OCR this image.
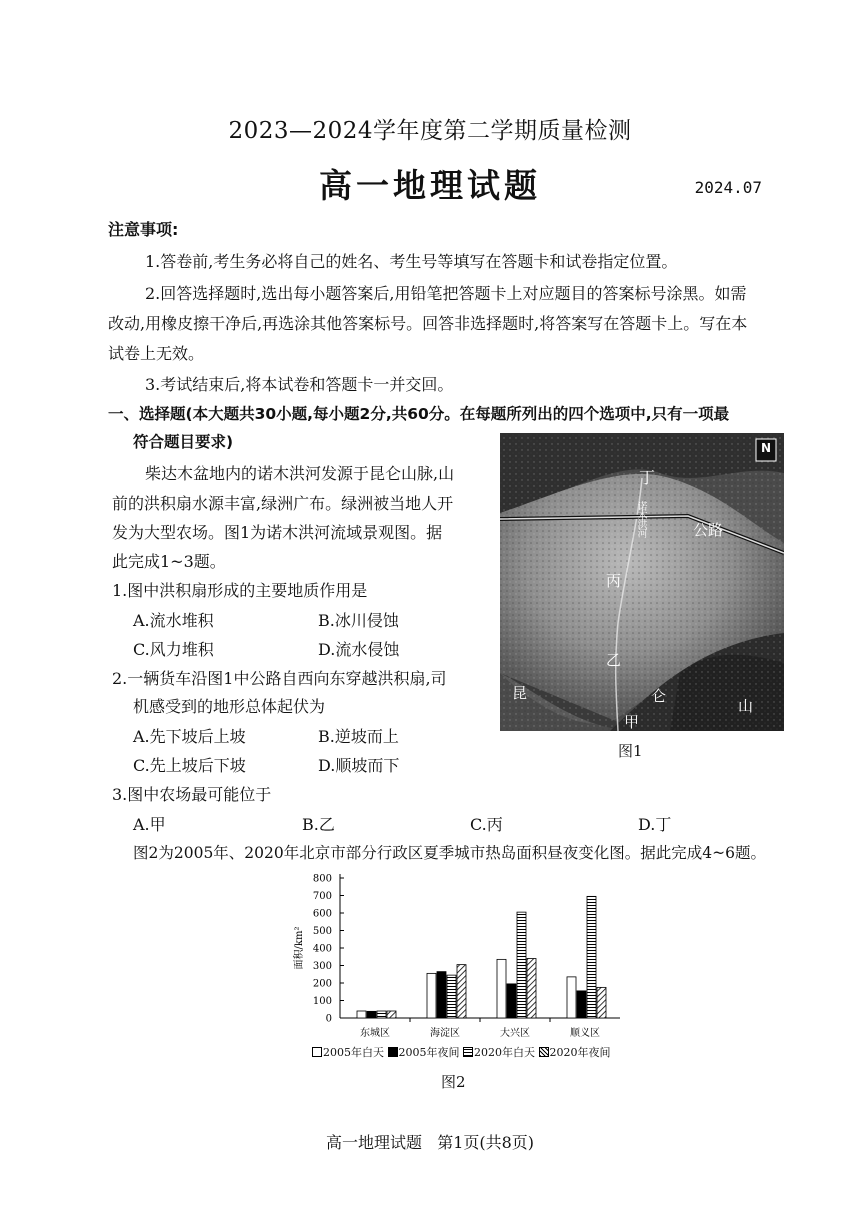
2023—2024学年度第二学期质量检测
高一地理试题	2024.07
注意事项:
1.答卷前,考生务必将自己的姓名、考生号等填写在答题卡和试卷指定位置。
2.回答选择题时,选出每小题答案后,用铅笔把答题卡上对应题目的答案标号涂黑。如需
改动,用橡皮擦干净后,再选涂其他答案标号。回答非选择题时,将答案写在答题卡上。写在本
试卷上无效。
3.考试结束后,将本试卷和答题卡一并交回。
一、选择题(本大题共30小题,每小题2分,共60分。在每题所列出的四个选项中,只有一项最
符合题目要求)
柴达木盆地内的诺木洪河发源于昆仑山脉,山
前的洪积扇水源丰富,绿洲广布。绿洲被当地人开
发为大型农场。图1为诺木洪河流域景观图。据
此完成1~3题。
1.图中洪积扇形成的主要地质作用是
A.流水堆积	B.冰川侵蚀
C.风力堆积	D.流水侵蚀
2.一辆货车沿图1中公路自西向东穿越洪积扇,司
机感受到的地形总体起伏为
A.先下坡后上坡	B.逆坡而上
C.先上坡后下坡	D.顺坡而下
3.图中农场最可能位于
A.甲	B.乙	C.丙	D.丁
N
丁
诺木洪河	公路
丙
乙
昆	仑
山
甲
图1
图2为2005年、2020年北京市部分行政区夏季城市热岛面积昼夜变化图。据此完成4~6题。
0
100
200
300
400
500
600
700
800
面积/km²
东城区	海淀区	大兴区	顺义区
2005年白天 2005年夜间 2020年白天 2020年夜间
图2
高一地理试题   第1页(共8页)
